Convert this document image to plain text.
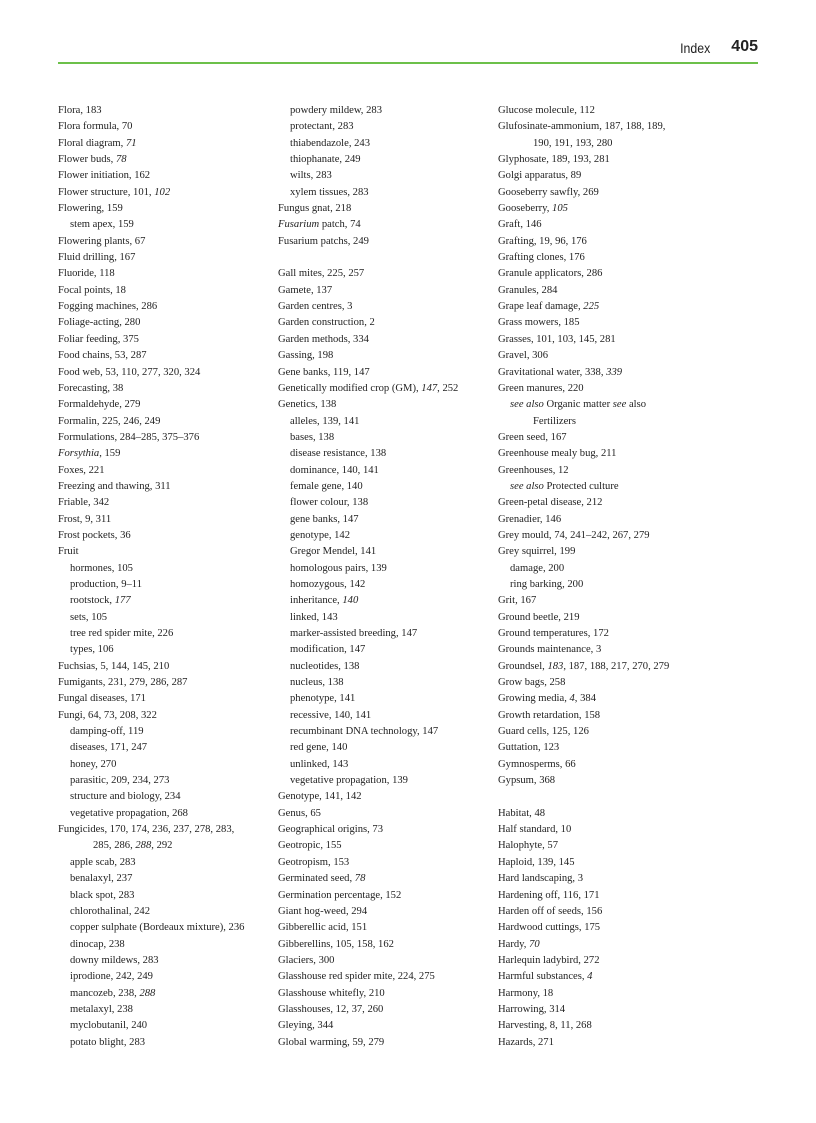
Index 405
Flora, 183
Flora formula, 70
Floral diagram, 71
Flower buds, 78
Flower initiation, 162
Flower structure, 101, 102
Flowering, 159
stem apex, 159
Flowering plants, 67
Fluid drilling, 167
Fluoride, 118
Focal points, 18
Fogging machines, 286
Foliage-acting, 280
Foliar feeding, 375
Food chains, 53, 287
Food web, 53, 110, 277, 320, 324
Forecasting, 38
Formaldehyde, 279
Formalin, 225, 246, 249
Formulations, 284–285, 375–376
Forsythia, 159
Foxes, 221
Freezing and thawing, 311
Friable, 342
Frost, 9, 311
Frost pockets, 36
Fruit
hormones, 105
production, 9–11
rootstock, 177
sets, 105
tree red spider mite, 226
types, 106
Fuchsias, 5, 144, 145, 210
Fumigants, 231, 279, 286, 287
Fungal diseases, 171
Fungi, 64, 73, 208, 322
damping-off, 119
diseases, 171, 247
honey, 270
parasitic, 209, 234, 273
structure and biology, 234
vegetative propagation, 268
Fungicides, 170, 174, 236, 237, 278, 283,
285, 286, 288, 292
apple scab, 283
benalaxyl, 237
black spot, 283
chlorothalinal, 242
copper sulphate (Bordeaux mixture), 236
dinocap, 238
downy mildews, 283
iprodione, 242, 249
mancozeb, 238, 288
metalaxyl, 238
myclobutanil, 240
potato blight, 283
powdery mildew, 283
protectant, 283
thiabendazole, 243
thiophanate, 249
wilts, 283
xylem tissues, 283
Fungus gnat, 218
Fusarium patch, 74
Fusarium patchs, 249
Gall mites, 225, 257
Gamete, 137
Garden centres, 3
Garden construction, 2
Garden methods, 334
Gassing, 198
Gene banks, 119, 147
Genetically modified crop (GM), 147, 252
Genetics, 138
alleles, 139, 141
bases, 138
disease resistance, 138
dominance, 140, 141
female gene, 140
flower colour, 138
gene banks, 147
genotype, 142
Gregor Mendel, 141
homologous pairs, 139
homozygous, 142
inheritance, 140
linked, 143
marker-assisted breeding, 147
modification, 147
nucleotides, 138
nucleus, 138
phenotype, 141
recessive, 140, 141
recumbinant DNA technology, 147
red gene, 140
unlinked, 143
vegetative propagation, 139
Genotype, 141, 142
Genus, 65
Geographical origins, 73
Geotropic, 155
Geotropism, 153
Germinated seed, 78
Germination percentage, 152
Giant hog-weed, 294
Gibberellic acid, 151
Gibberellins, 105, 158, 162
Glaciers, 300
Glasshouse red spider mite, 224, 275
Glasshouse whitefly, 210
Glasshouses, 12, 37, 260
Gleying, 344
Global warming, 59, 279
Glucose molecule, 112
Glufosinate-ammonium, 187, 188, 189,
190, 191, 193, 280
Glyphosate, 189, 193, 281
Golgi apparatus, 89
Gooseberry sawfly, 269
Gooseberry, 105
Graft, 146
Grafting, 19, 96, 176
Grafting clones, 176
Granule applicators, 286
Granules, 284
Grape leaf damage, 225
Grass mowers, 185
Grasses, 101, 103, 145, 281
Gravel, 306
Gravitational water, 338, 339
Green manures, 220
see also Organic matter see also
Fertilizers
Green seed, 167
Greenhouse mealy bug, 211
Greenhouses, 12
see also Protected culture
Green-petal disease, 212
Grenadier, 146
Grey mould, 74, 241–242, 267, 279
Grey squirrel, 199
damage, 200
ring barking, 200
Grit, 167
Ground beetle, 219
Ground temperatures, 172
Grounds maintenance, 3
Groundsel, 183, 187, 188, 217, 270, 279
Grow bags, 258
Growing media, 4, 384
Growth retardation, 158
Guard cells, 125, 126
Guttation, 123
Gymnosperms, 66
Gypsum, 368
Habitat, 48
Half standard, 10
Halophyte, 57
Haploid, 139, 145
Hard landscaping, 3
Hardening off, 116, 171
Harden off of seeds, 156
Hardwood cuttings, 175
Hardy, 70
Harlequin ladybird, 272
Harmful substances, 4
Harmony, 18
Harrowing, 314
Harvesting, 8, 11, 268
Hazards, 271
